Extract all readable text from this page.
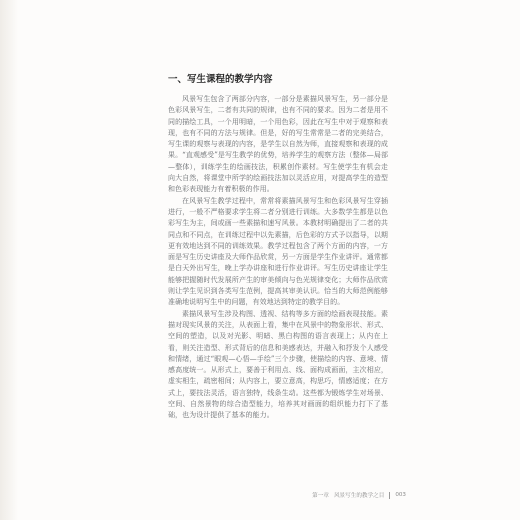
一、写生课程的教学内容

风景写生包含了两部分内容，一部分是素描风景写生，另一部分是色彩风景写生，二者有共同的规律，也有不同的要求。因为二者是用不同的描绘工具，一个用明暗，一个用色彩，因此在写生中对于观察和表现，也有不同的方法与规律。但是，好的写生常常是二者的完美结合，写生课的观察与表现的内容，是学生以自然为师，直接观察和表现的成果。“直观感受”是写生教学的优势，培养学生的观察方法（整体—局部—整体），训练学生的绘画技法，积累创作素材。写生使学生有机会走向大自然，将课堂中所学的绘画技法加以灵活应用，对提高学生的造型和色彩表现能力有着积极的作用。

在风景写生教学过程中，常常将素描风景写生和色彩风景写生穿插进行，一般不严格要求学生将二者分别进行训练。大多数学生都是以色彩写生为主，间或画一些素描和速写风景。本教材明确提出了二者的共同点和不同点，在训练过程中以先素描，后色彩的方式予以指导，以期更有效地达到不同的训练效果。教学过程包含了两个方面的内容，一方面是写生历史讲座及大师作品欣赏，另一方面是学生作业讲评。通常都是白天外出写生，晚上学办讲座和进行作业讲评。写生历史讲座让学生能够把握随时代发展所产生的审美倾向与色光规律变化；大师作品欣赏则让学生见识到各类写生范例，提高其审美认识。恰当的大师范例能够准确地说明写生中的问题，有效地达到特定的教学目的。

素描风景写生涉及构图、透视、结构等多方面的绘画表现技能。素描对现实风景的关注，从表面上看，集中在风景中的物象形状、形式、空间的塑造，以及对光影、明暗、黑白构图的语言表现上；从内在上看，则关注造型、形式背后的信息和美感表达，并融入和抒发个人感受和情绪，通过“眼观—心悟—手绘”三个步骤，使描绘的内容、意境、情感高度统一。从形式上，要善于利用点、线、面构成画面，主次相应，虚实相生，疏密相间；从内容上，要立意高，构思巧，情感适度；在方式上，要技法灵活，语言独特，线条生动。这些都为锻炼学生对场景、空间、自然景物的综合造型能力，培养其对画面的组织能力打下了基础，也为设计提供了基本的能力。

第一章 风景写生的教学之目 003
